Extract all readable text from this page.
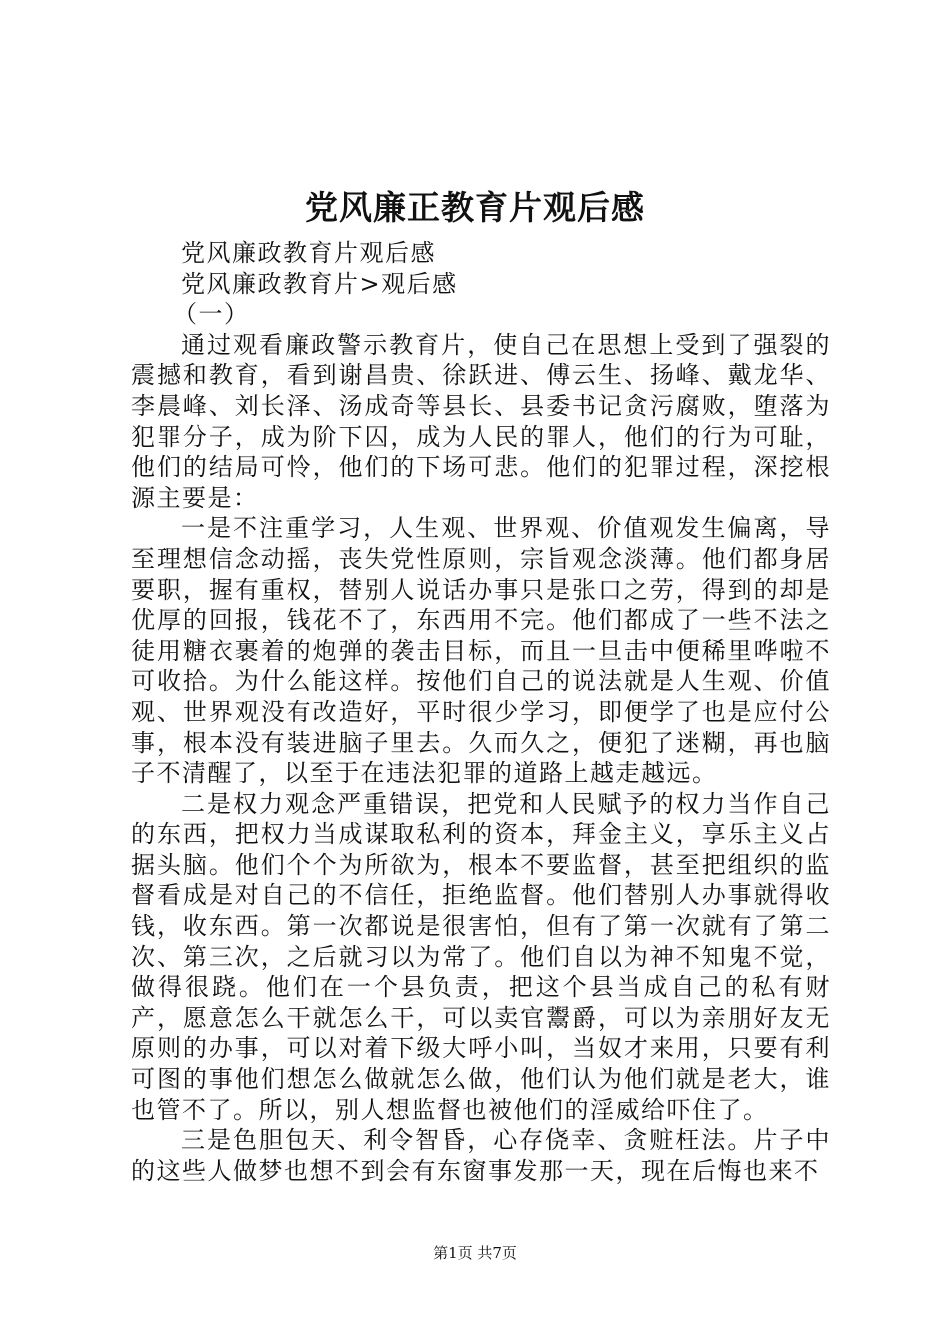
党风廉正教育片观后感

党风廉政教育片观后感

党风廉政教育片>观后感

（一）

通过观看廉政警示教育片，使自己在思想上受到了强裂的震撼和教育，看到谢昌贵、徐跃进、傅云生、扬峰、戴龙华、李晨峰、刘长泽、汤成奇等县长、县委书记贪污腐败，堕落为犯罪分子，成为阶下囚，成为人民的罪人，他们的行为可耻，他们的结局可怜，他们的下场可悲。他们的犯罪过程，深挖根源主要是：

一是不注重学习，人生观、世界观、价值观发生偏离，导至理想信念动摇，丧失党性原则，宗旨观念淡薄。他们都身居要职，握有重权，替别人说话办事只是张口之劳，得到的却是优厚的回报，钱花不了，东西用不完。他们都成了一些不法之徒用糖衣裹着的炮弹的袭击目标，而且一旦击中便稀里哗啦不可收拾。为什么能这样。按他们自己的说法就是人生观、价值观、世界观没有改造好，平时很少学习，即便学了也是应付公事，根本没有装进脑子里去。久而久之，便犯了迷糊，再也脑子不清醒了，以至于在违法犯罪的道路上越走越远。

二是权力观念严重错误，把党和人民赋予的权力当作自己的东西，把权力当成谋取私利的资本，拜金主义，享乐主义占据头脑。他们个个为所欲为，根本不要监督，甚至把组织的监督看成是对自己的不信任，拒绝监督。他们替别人办事就得收钱，收东西。第一次都说是很害怕，但有了第一次就有了第二次、第三次，之后就习以为常了。他们自以为神不知鬼不觉，做得很跷。他们在一个县负责，把这个县当成自己的私有财产，愿意怎么干就怎么干，可以卖官鬻爵，可以为亲朋好友无原则的办事，可以对着下级大呼小叫，当奴才来用，只要有利可图的事他们想怎么做就怎么做，他们认为他们就是老大，谁也管不了。所以，别人想监督也被他们的淫威给吓住了。

三是色胆包天、利令智昏，心存侥幸、贪赃枉法。片子中的这些人做梦也想不到会有东窗事发那一天，现在后悔也来不

第1页 共7页
